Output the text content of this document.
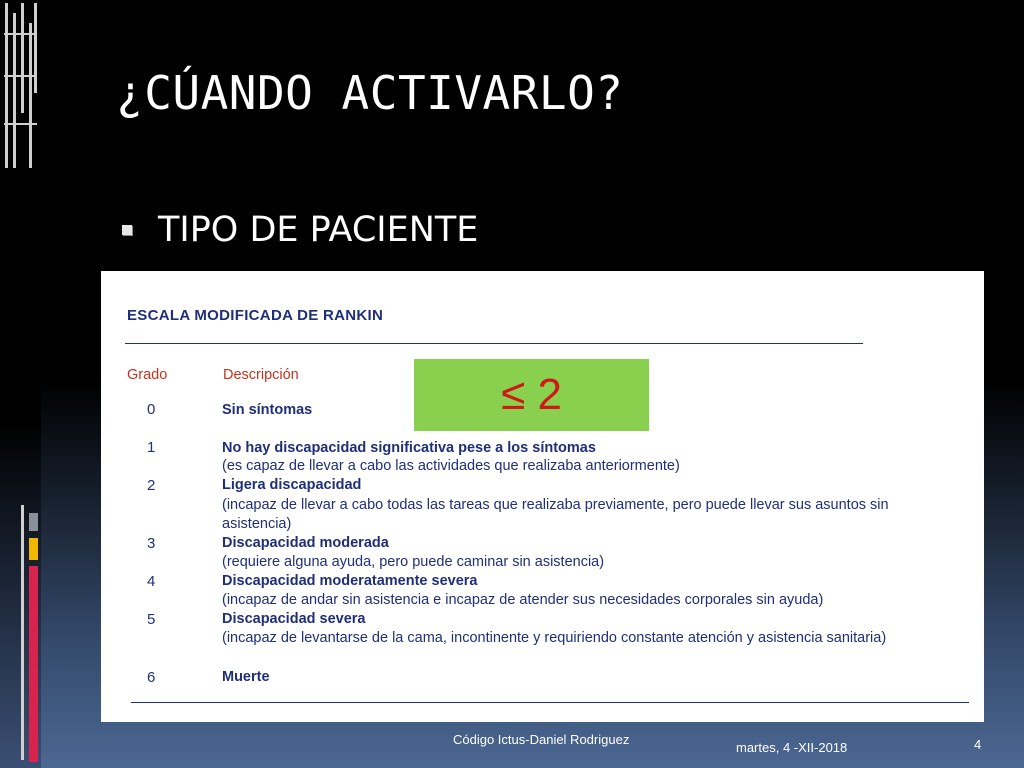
¿CÚANDO ACTIVARLO?
TIPO DE PACIENTE
ESCALA MODIFICADA DE RANKIN
Grado	Descripción
0	Sin síntomas
1	No hay discapacidad significativa pese a los síntomas
(es capaz de llevar a cabo las actividades que realizaba anteriormente)
2	Ligera discapacidad
(incapaz de llevar a cabo todas las tareas que realizaba previamente, pero puede llevar sus asuntos sin asistencia)
3	Discapacidad moderada
(requiere alguna ayuda, pero puede caminar sin asistencia)
4	Discapacidad moderatamente severa
(incapaz de andar sin asistencia e incapaz de atender sus necesidades corporales sin ayuda)
5	Discapacidad severa
(incapaz de levantarse de la cama, incontinente y requiriendo constante atención y asistencia sanitaria)
6	Muerte
≤ 2
Código Ictus-Daniel Rodriguez
martes, 4 -XII-2018	4
